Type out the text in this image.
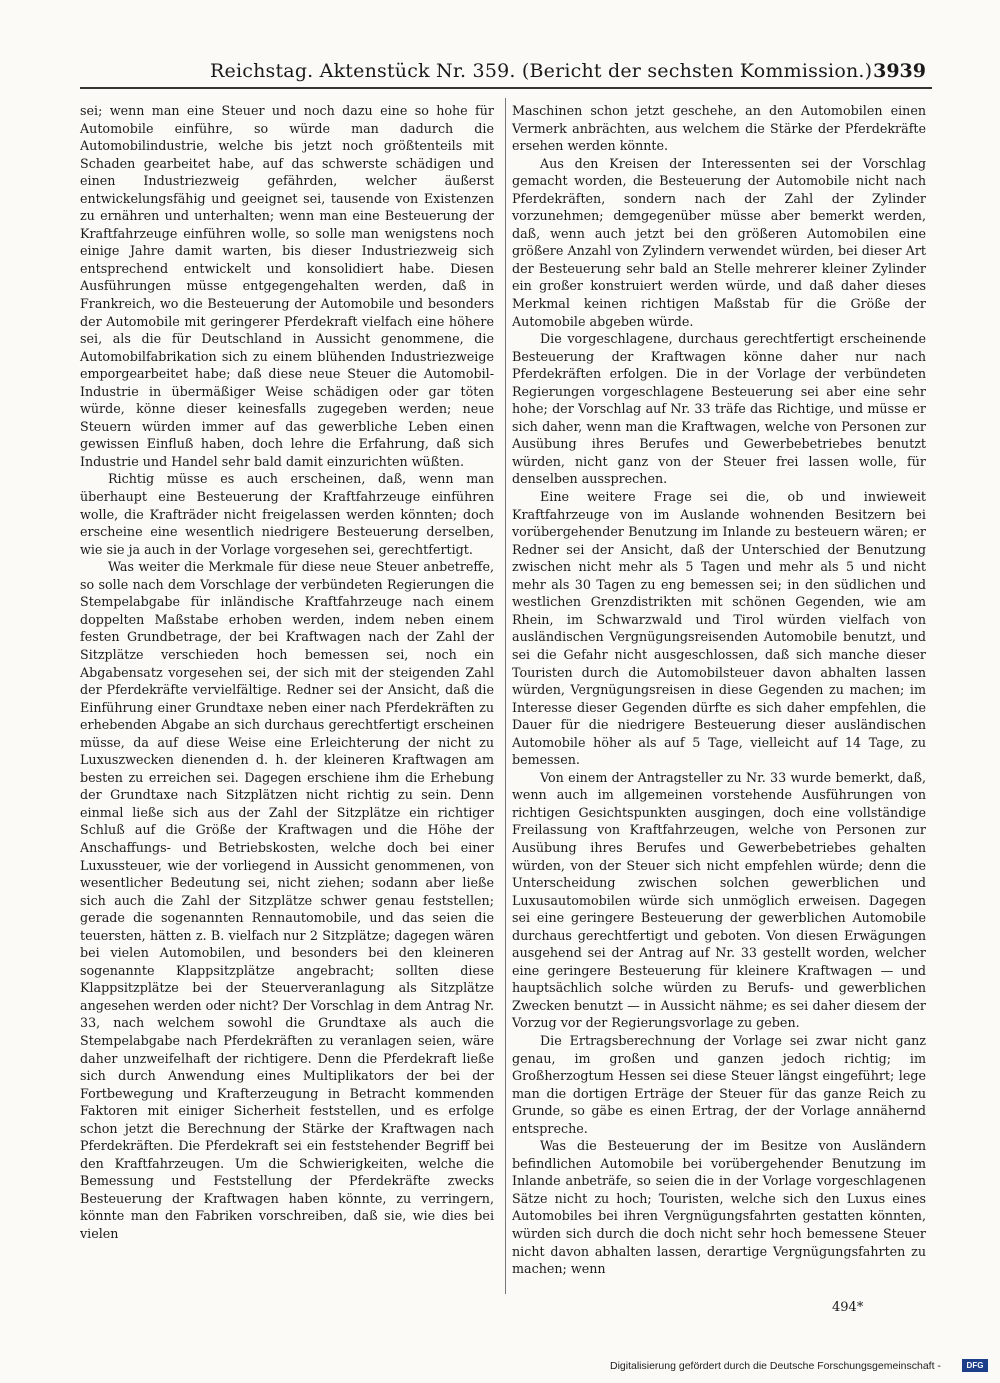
Reichstag. Aktenstück Nr. 359. (Bericht der sechsten Kommission.) 3939

sei; wenn man eine Steuer und noch dazu eine so hohe für Automobile einführe, so würde man dadurch die Automobilindustrie, welche bis jetzt noch größtenteils mit Schaden gearbeitet habe, auf das schwerste schädigen und einen Industriezweig gefährden, welcher äußerst entwickelungsfähig und geeignet sei, tausende von Existenzen zu ernähren und unterhalten; wenn man eine Besteuerung der Kraftfahrzeuge einführen wolle, so solle man wenigstens noch einige Jahre damit warten, bis dieser Industriezweig sich entsprechend entwickelt und konsolidiert habe. Diesen Ausführungen müsse entgegengehalten werden, daß in Frankreich, wo die Besteuerung der Automobile und besonders der Automobile mit geringerer Pferdekraft vielfach eine höhere sei, als die für Deutschland in Aussicht genommene, die Automobilfabrikation sich zu einem blühenden Industriezweige emporgearbeitet habe; daß diese neue Steuer die Automobil-Industrie in übermäßiger Weise schädigen oder gar töten würde, könne dieser keinesfalls zugegeben werden; neue Steuern würden immer auf das gewerbliche Leben einen gewissen Einfluß haben, doch lehre die Erfahrung, daß sich Industrie und Handel sehr bald damit einzurichten wüßten.

Richtig müsse es auch erscheinen, daß, wenn man überhaupt eine Besteuerung der Kraftfahrzeuge einführen wolle, die Krafträder nicht freigelassen werden könnten; doch erscheine eine wesentlich niedrigere Besteuerung derselben, wie sie ja auch in der Vorlage vorgesehen sei, gerechtfertigt.

Was weiter die Merkmale für diese neue Steuer anbetreffe, so solle nach dem Vorschlage der verbündeten Regierungen die Stempelabgabe für inländische Kraftfahrzeuge nach einem doppelten Maßstabe erhoben werden, indem neben einem festen Grundbetrage, der bei Kraftwagen nach der Zahl der Sitzplätze verschieden hoch bemessen sei, noch ein Abgabensatz vorgesehen sei, der sich mit der steigenden Zahl der Pferdekräfte vervielfältige. Redner sei der Ansicht, daß die Einführung einer Grundtaxe neben einer nach Pferdekräften zu erhebenden Abgabe an sich durchaus gerechtfertigt erscheinen müsse, da auf diese Weise eine Erleichterung der nicht zu Luxuszwecken dienenden d. h. der kleineren Kraftwagen am besten zu erreichen sei. Dagegen erschiene ihm die Erhebung der Grundtaxe nach Sitzplätzen nicht richtig zu sein. Denn einmal ließe sich aus der Zahl der Sitzplätze ein richtiger Schluß auf die Größe der Kraftwagen und die Höhe der Anschaffungs- und Betriebskosten, welche doch bei einer Luxussteuer, wie der vorliegend in Aussicht genommenen, von wesentlicher Bedeutung sei, nicht ziehen; sodann aber ließe sich auch die Zahl der Sitzplätze schwer genau feststellen; gerade die sogenannten Rennautomobile, und das seien die teuersten, hätten z. B. vielfach nur 2 Sitzplätze; dagegen wären bei vielen Automobilen, und besonders bei den kleineren sogenannte Klappsitzplätze angebracht; sollten diese Klappsitzplätze bei der Steuerveranlagung als Sitzplätze angesehen werden oder nicht? Der Vorschlag in dem Antrag Nr. 33, nach welchem sowohl die Grundtaxe als auch die Stempelabgabe nach Pferdekräften zu veranlagen seien, wäre daher unzweifelhaft der richtigere. Denn die Pferdekraft ließe sich durch Anwendung eines Multiplikators der bei der Fortbewegung und Krafterzeugung in Betracht kommenden Faktoren mit einiger Sicherheit feststellen, und es erfolge schon jetzt die Berechnung der Stärke der Kraftwagen nach Pferdekräften. Die Pferdekraft sei ein feststehender Begriff bei den Kraftfahrzeugen. Um die Schwierigkeiten, welche die Bemessung und Feststellung der Pferdekräfte zwecks Besteuerung der Kraftwagen haben könnte, zu verringern, könnte man den Fabriken vorschreiben, daß sie, wie dies bei vielen

Maschinen schon jetzt geschehe, an den Automobilen einen Vermerk anbrächten, aus welchem die Stärke der Pferdekräfte ersehen werden könnte.

Aus den Kreisen der Interessenten sei der Vorschlag gemacht worden, die Besteuerung der Automobile nicht nach Pferdekräften, sondern nach der Zahl der Zylinder vorzunehmen; demgegenüber müsse aber bemerkt werden, daß, wenn auch jetzt bei den größeren Automobilen eine größere Anzahl von Zylindern verwendet würden, bei dieser Art der Besteuerung sehr bald an Stelle mehrerer kleiner Zylinder ein großer konstruiert werden würde, und daß daher dieses Merkmal keinen richtigen Maßstab für die Größe der Automobile abgeben würde.

Die vorgeschlagene, durchaus gerechtfertigt erscheinende Besteuerung der Kraftwagen könne daher nur nach Pferdekräften erfolgen. Die in der Vorlage der verbündeten Regierungen vorgeschlagene Besteuerung sei aber eine sehr hohe; der Vorschlag auf Nr. 33 träfe das Richtige, und müsse er sich daher, wenn man die Kraftwagen, welche von Personen zur Ausübung ihres Berufes und Gewerbebetriebes benutzt würden, nicht ganz von der Steuer frei lassen wolle, für denselben aussprechen.

Eine weitere Frage sei die, ob und inwieweit Kraftfahrzeuge von im Auslande wohnenden Besitzern bei vorübergehender Benutzung im Inlande zu besteuern wären; er Redner sei der Ansicht, daß der Unterschied der Benutzung zwischen nicht mehr als 5 Tagen und mehr als 5 und nicht mehr als 30 Tagen zu eng bemessen sei; in den südlichen und westlichen Grenzdistrikten mit schönen Gegenden, wie am Rhein, im Schwarzwald und Tirol würden vielfach von ausländischen Vergnügungsreisenden Automobile benutzt, und sei die Gefahr nicht ausgeschlossen, daß sich manche dieser Touristen durch die Automobilsteuer davon abhalten lassen würden, Vergnügungsreisen in diese Gegenden zu machen; im Interesse dieser Gegenden dürfte es sich daher empfehlen, die Dauer für die niedrigere Besteuerung dieser ausländischen Automobile höher als auf 5 Tage, vielleicht auf 14 Tage, zu bemessen.

Von einem der Antragsteller zu Nr. 33 wurde bemerkt, daß, wenn auch im allgemeinen vorstehende Ausführungen von richtigen Gesichtspunkten ausgingen, doch eine vollständige Freilassung von Kraftfahrzeugen, welche von Personen zur Ausübung ihres Berufes und Gewerbebetriebes gehalten würden, von der Steuer sich nicht empfehlen würde; denn die Unterscheidung zwischen solchen gewerblichen und Luxusautomobilen würde sich unmöglich erweisen. Dagegen sei eine geringere Besteuerung der gewerblichen Automobile durchaus gerechtfertigt und geboten. Von diesen Erwägungen ausgehend sei der Antrag auf Nr. 33 gestellt worden, welcher eine geringere Besteuerung für kleinere Kraftwagen — und hauptsächlich solche würden zu Berufs- und gewerblichen Zwecken benutzt — in Aussicht nähme; es sei daher diesem der Vorzug vor der Regierungsvorlage zu geben.

Die Ertragsberechnung der Vorlage sei zwar nicht ganz genau, im großen und ganzen jedoch richtig; im Großherzogtum Hessen sei diese Steuer längst eingeführt; lege man die dortigen Erträge der Steuer für das ganze Reich zu Grunde, so gäbe es einen Ertrag, der der Vorlage annähernd entspreche.

Was die Besteuerung der im Besitze von Ausländern befindlichen Automobile bei vorübergehender Benutzung im Inlande anbeträfe, so seien die in der Vorlage vorgeschlagenen Sätze nicht zu hoch; Touristen, welche sich den Luxus eines Automobiles bei ihren Vergnügungsfahrten gestatten könnten, würden sich durch die doch nicht sehr hoch bemessene Steuer nicht davon abhalten lassen, derartige Vergnügungsfahrten zu machen; wenn

494*
Digitalisierung gefördert durch die Deutsche Forschungsgemeinschaft -	DFG
